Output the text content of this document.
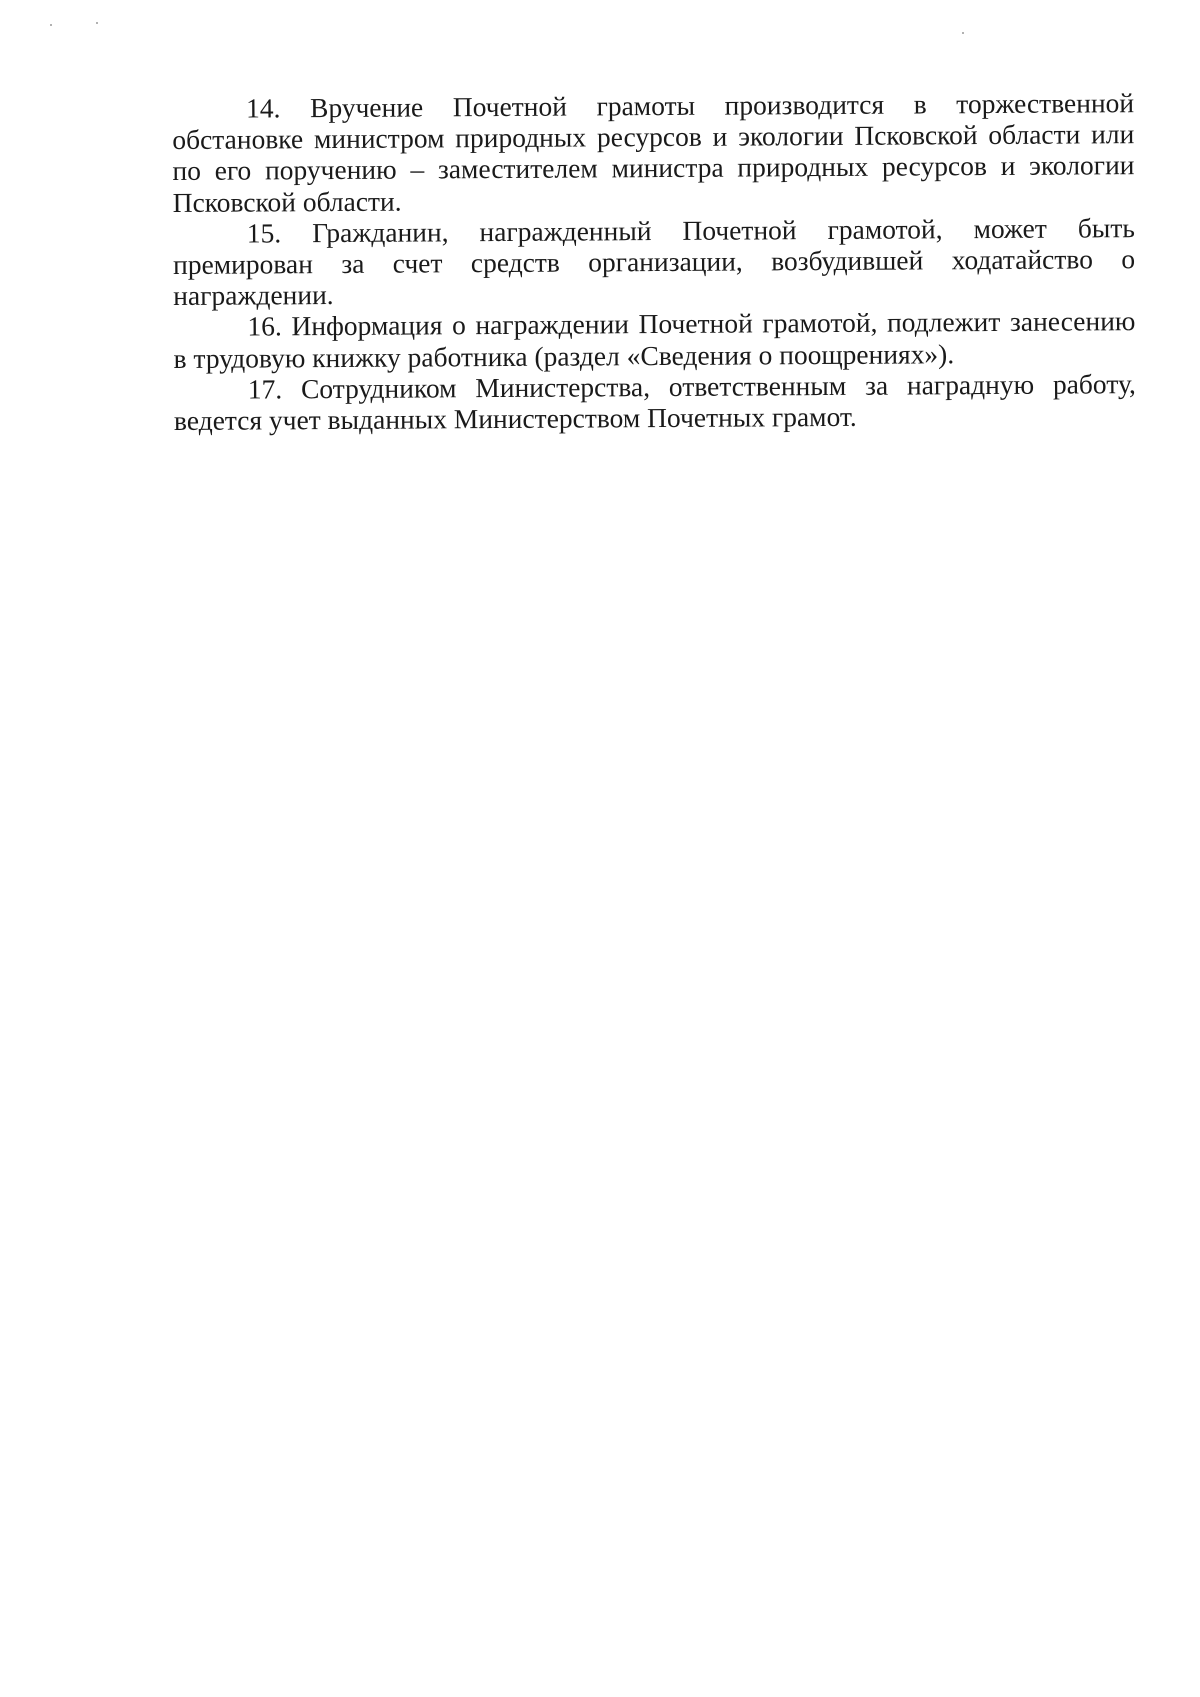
14. Вручение Почетной грамоты производится в торжественной обстановке министром природных ресурсов и экологии Псковской области или по его поручению – заместителем министра природных ресурсов и экологии Псковской области.

15. Гражданин, награжденный Почетной грамотой, может быть премирован за счет средств организации, возбудившей ходатайство о награждении.

16. Информация о награждении Почетной грамотой, подлежит занесению в трудовую книжку работника (раздел «Сведения о поощрениях»).

17. Сотрудником Министерства, ответственным за наградную работу, ведется учет выданных Министерством Почетных грамот.
